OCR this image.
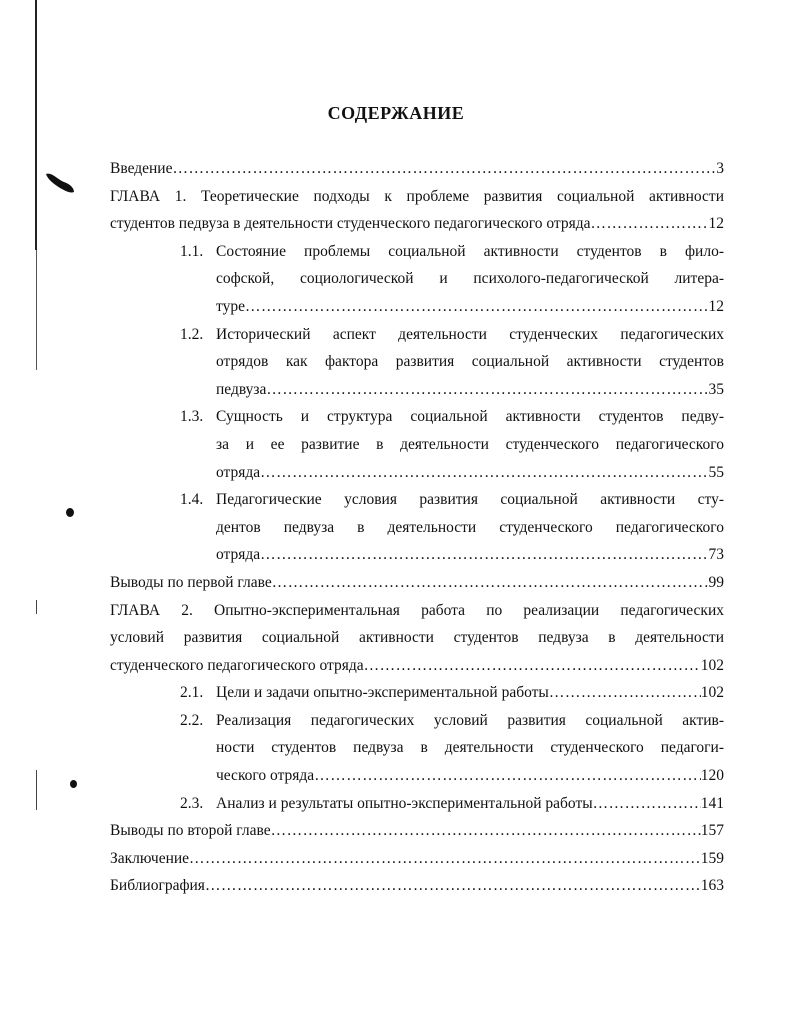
СОДЕРЖАНИЕ
Введение ………………………………………………………………………………………………………………………………	3
ГЛАВА 1. Теоретические подходы к проблеме развития социальной активности
студентов педвуза в деятельности студенческого педагогического отряда ………………………………………………………………………………………………………………………………	12
1.1. Состояние проблемы социальной активности студентов в фило-
софской, социологической и психолого-педагогической литера-
туре ………………………………………………………………………………………………………………………………	12
1.2. Исторический аспект деятельности студенческих педагогических
отрядов как фактора развития социальной активности студентов
педвуза ………………………………………………………………………………………………………………………………	35
1.3. Сущность и структура социальной активности студентов педву-
за и ее развитие в деятельности студенческого педагогического
отряда ………………………………………………………………………………………………………………………………	55
1.4. Педагогические условия развития социальной активности сту-
дентов педвуза в деятельности студенческого педагогического
отряда ………………………………………………………………………………………………………………………………	73
Выводы по первой главе ………………………………………………………………………………………………………………………………	99
ГЛАВА 2. Опытно-экспериментальная работа по реализации педагогических
условий развития социальной активности студентов педвуза в деятельности
студенческого педагогического отряда ………………………………………………………………………………………………………………………………	102
2.1. Цели и задачи опытно-экспериментальной работы ………………………………………………………………………………………………………………………………	102
2.2. Реализация педагогических условий развития социальной актив-
ности студентов педвуза в деятельности студенческого педагоги-
ческого отряда ………………………………………………………………………………………………………………………………	120
2.3. Анализ и результаты опытно-экспериментальной работы ………………………………………………………………………………………………………………………………	141
Выводы по второй главе ………………………………………………………………………………………………………………………………	157
Заключение ………………………………………………………………………………………………………………………………	159
Библиография ………………………………………………………………………………………………………………………………	163
